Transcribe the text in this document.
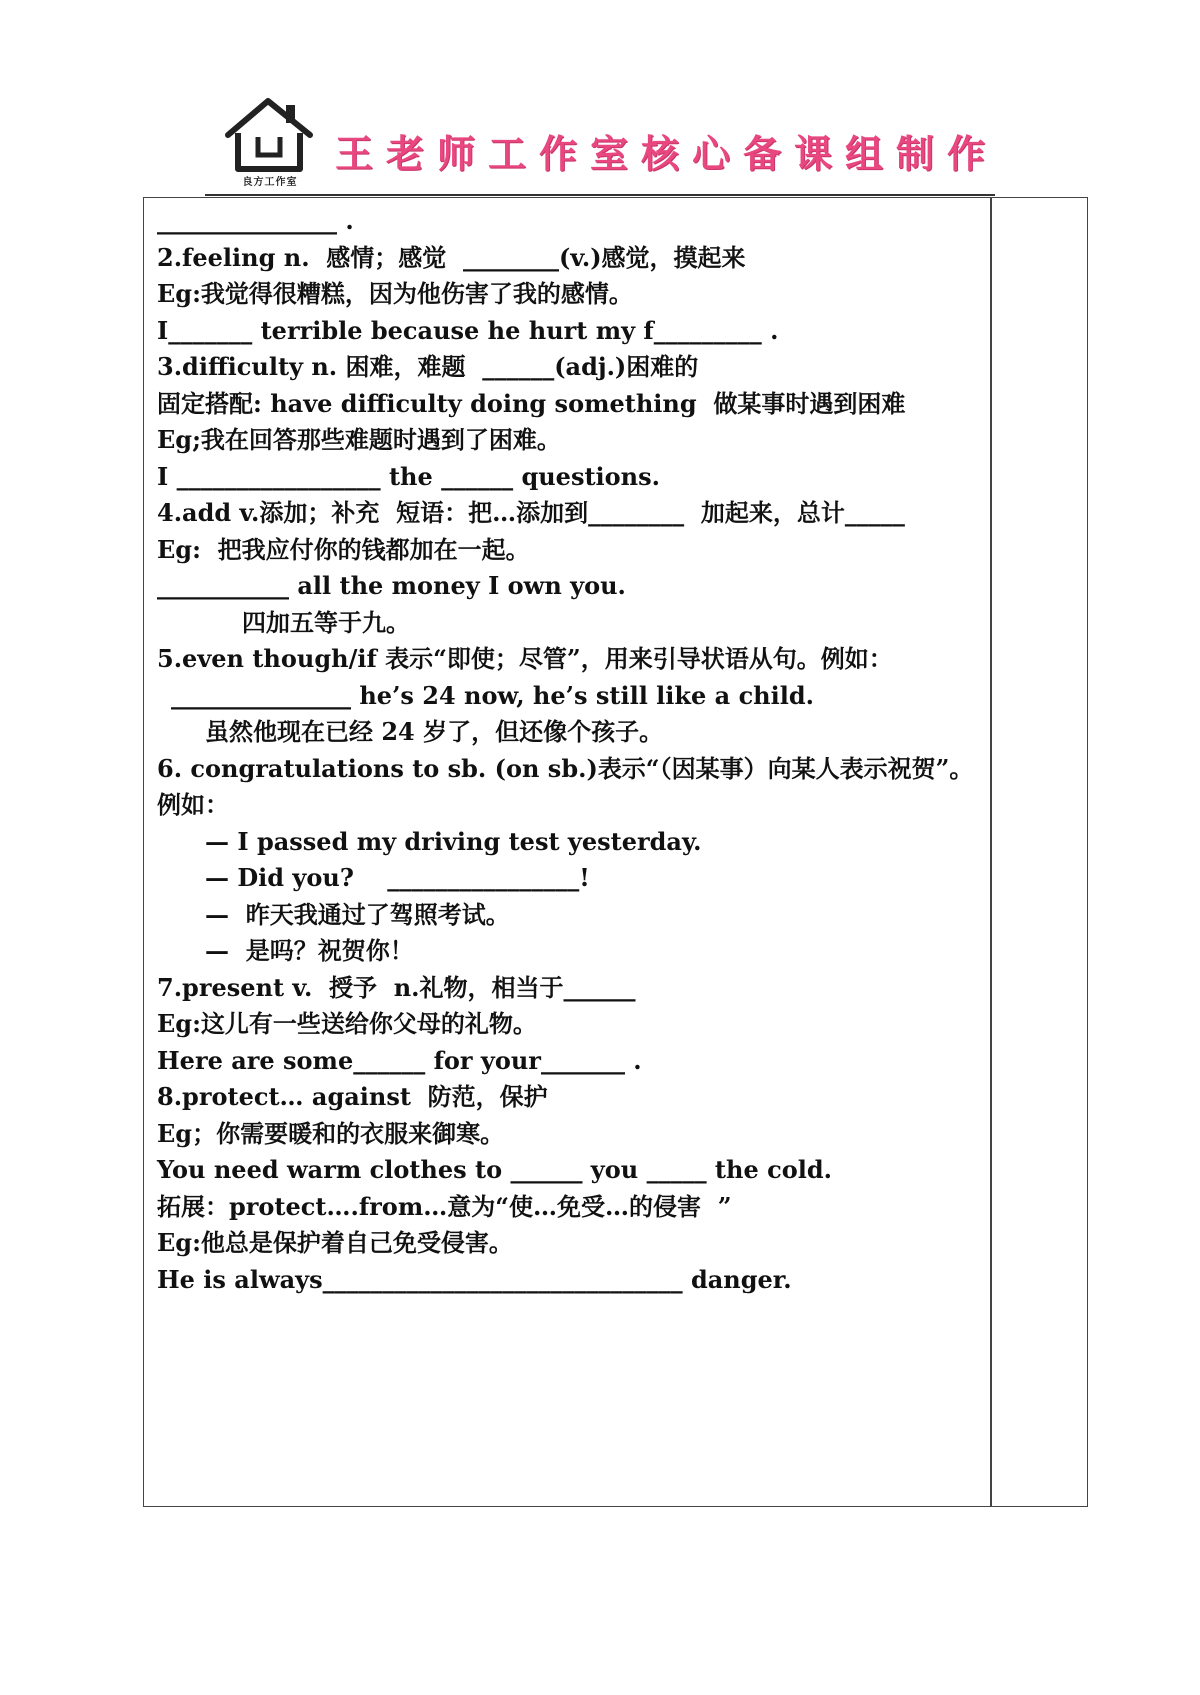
良方工作室
王老师工作室核心备课组制作
_______________ .
2.feeling n.  感情；感觉  ________(v.)感觉，摸起来
Eg:我觉得很糟糕，因为他伤害了我的感情。
I_______ terrible because he hurt my f_________ .
3.difficulty n. 困难，难题  ______(adj.)困难的
固定搭配: have difficulty doing something  做某事时遇到困难
Eg;我在回答那些难题时遇到了困难。
I _________________ the ______ questions.
4.add v.添加；补充  短语：把…添加到________  加起来，总计_____
Eg:  把我应付你的钱都加在一起。
___________ all the money I own you.
四加五等于九。
5.even though/if 表示“即使；尽管”，用来引导状语从句。例如：
_______________ he’s 24 now, he’s still like a child.
虽然他现在已经 24 岁了，但还像个孩子。
6. congratulations to sb. (on sb.)表示“（因某事）向某人表示祝贺”。
例如：
— I passed my driving test yesterday.
— Did you?    ________________!
—  昨天我通过了驾照考试。
—  是吗？祝贺你！
7.present v.  授予  n.礼物，相当于______
Eg:这儿有一些送给你父母的礼物。
Here are some______ for your_______ .
8.protect… against  防范，保护
Eg；你需要暖和的衣服来御寒。
You need warm clothes to ______ you _____ the cold.
拓展：protect….from…意为“使…免受…的侵害  ”
Eg:他总是保护着自己免受侵害。
He is always______________________________ danger.
